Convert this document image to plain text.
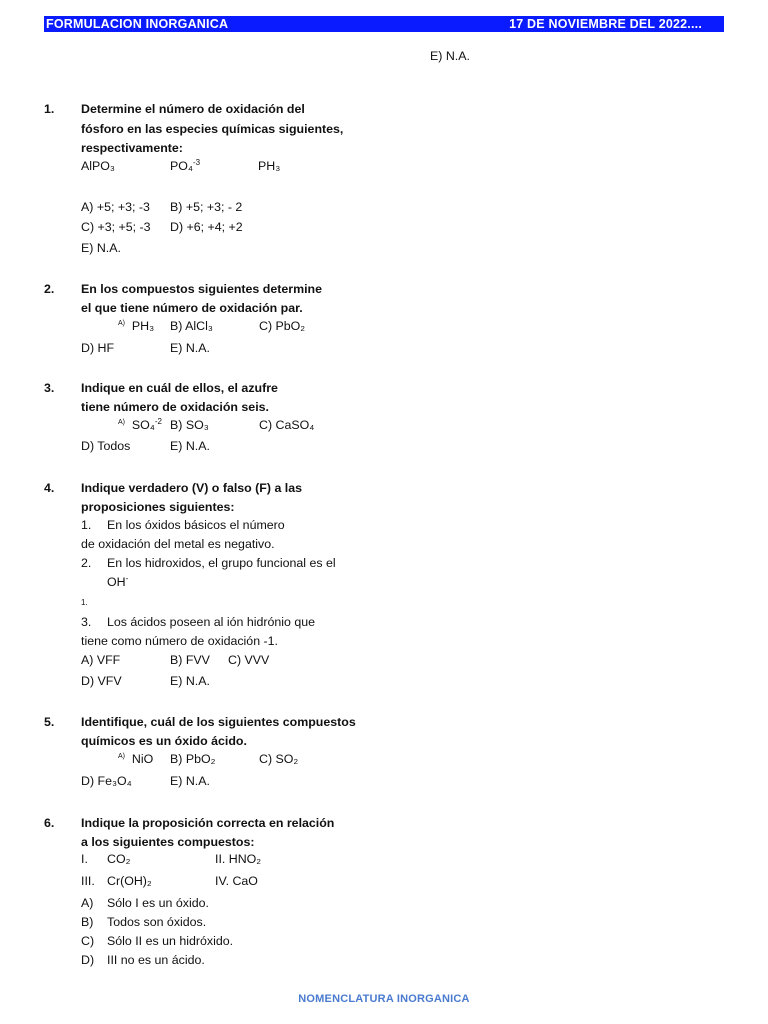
FORMULACION INORGANICA	17 DE NOVIEMBRE DEL 2022....
E) N.A.
1. Determine el número de oxidación del
fósforo en las especies químicas siguientes,
respectivamente:
AlPO₃	PO₄$^{-3}$	PH₃
A) +5; +3; -3 B) +5; +3; - 2
C) +3; +5; -3 D) +6; +4; +2
E) N.A.
2. En los compuestos siguientes determine
el que tiene número de oxidación par.
$^{A)}$ PH₃ B) AlCl₃	C) PbO₂
D) HF	E) N.A.
3. Indique en cuál de ellos, el azufre
tiene número de oxidación seis.
$^{A)}$ SO₄$^{-2}$ B) SO₃	C) CaSO₄
D) Todos	E) N.A.
4. Indique verdadero (V) o falso (F) a las
proposiciones siguientes:
1. En los óxidos básicos el número
de oxidación del metal es negativo.
2. En los hidroxidos, el grupo funcional es el
OH-
1.
3. Los ácidos poseen al ión hidrónio que
tiene como número de oxidación -1.
A) VFF	B) FVV C) VVV
D) VFV	E) N.A.
5. Identifique, cuál de los siguientes compuestos
químicos es un óxido ácido.
$^{A)}$ NiO B) PbO₂	C) SO₂
D) Fe₃O₄	E) N.A.
6. Indique la proposición correcta en relación
a los siguientes compuestos:
I. CO₂	II. HNO₂
III. Cr(OH)₂	IV. CaO
A) Sólo I es un óxido.
B) Todos son óxidos.
C) Sólo II es un hidróxido.
D) III no es un ácido.
NOMENCLATURA INORGANICA
